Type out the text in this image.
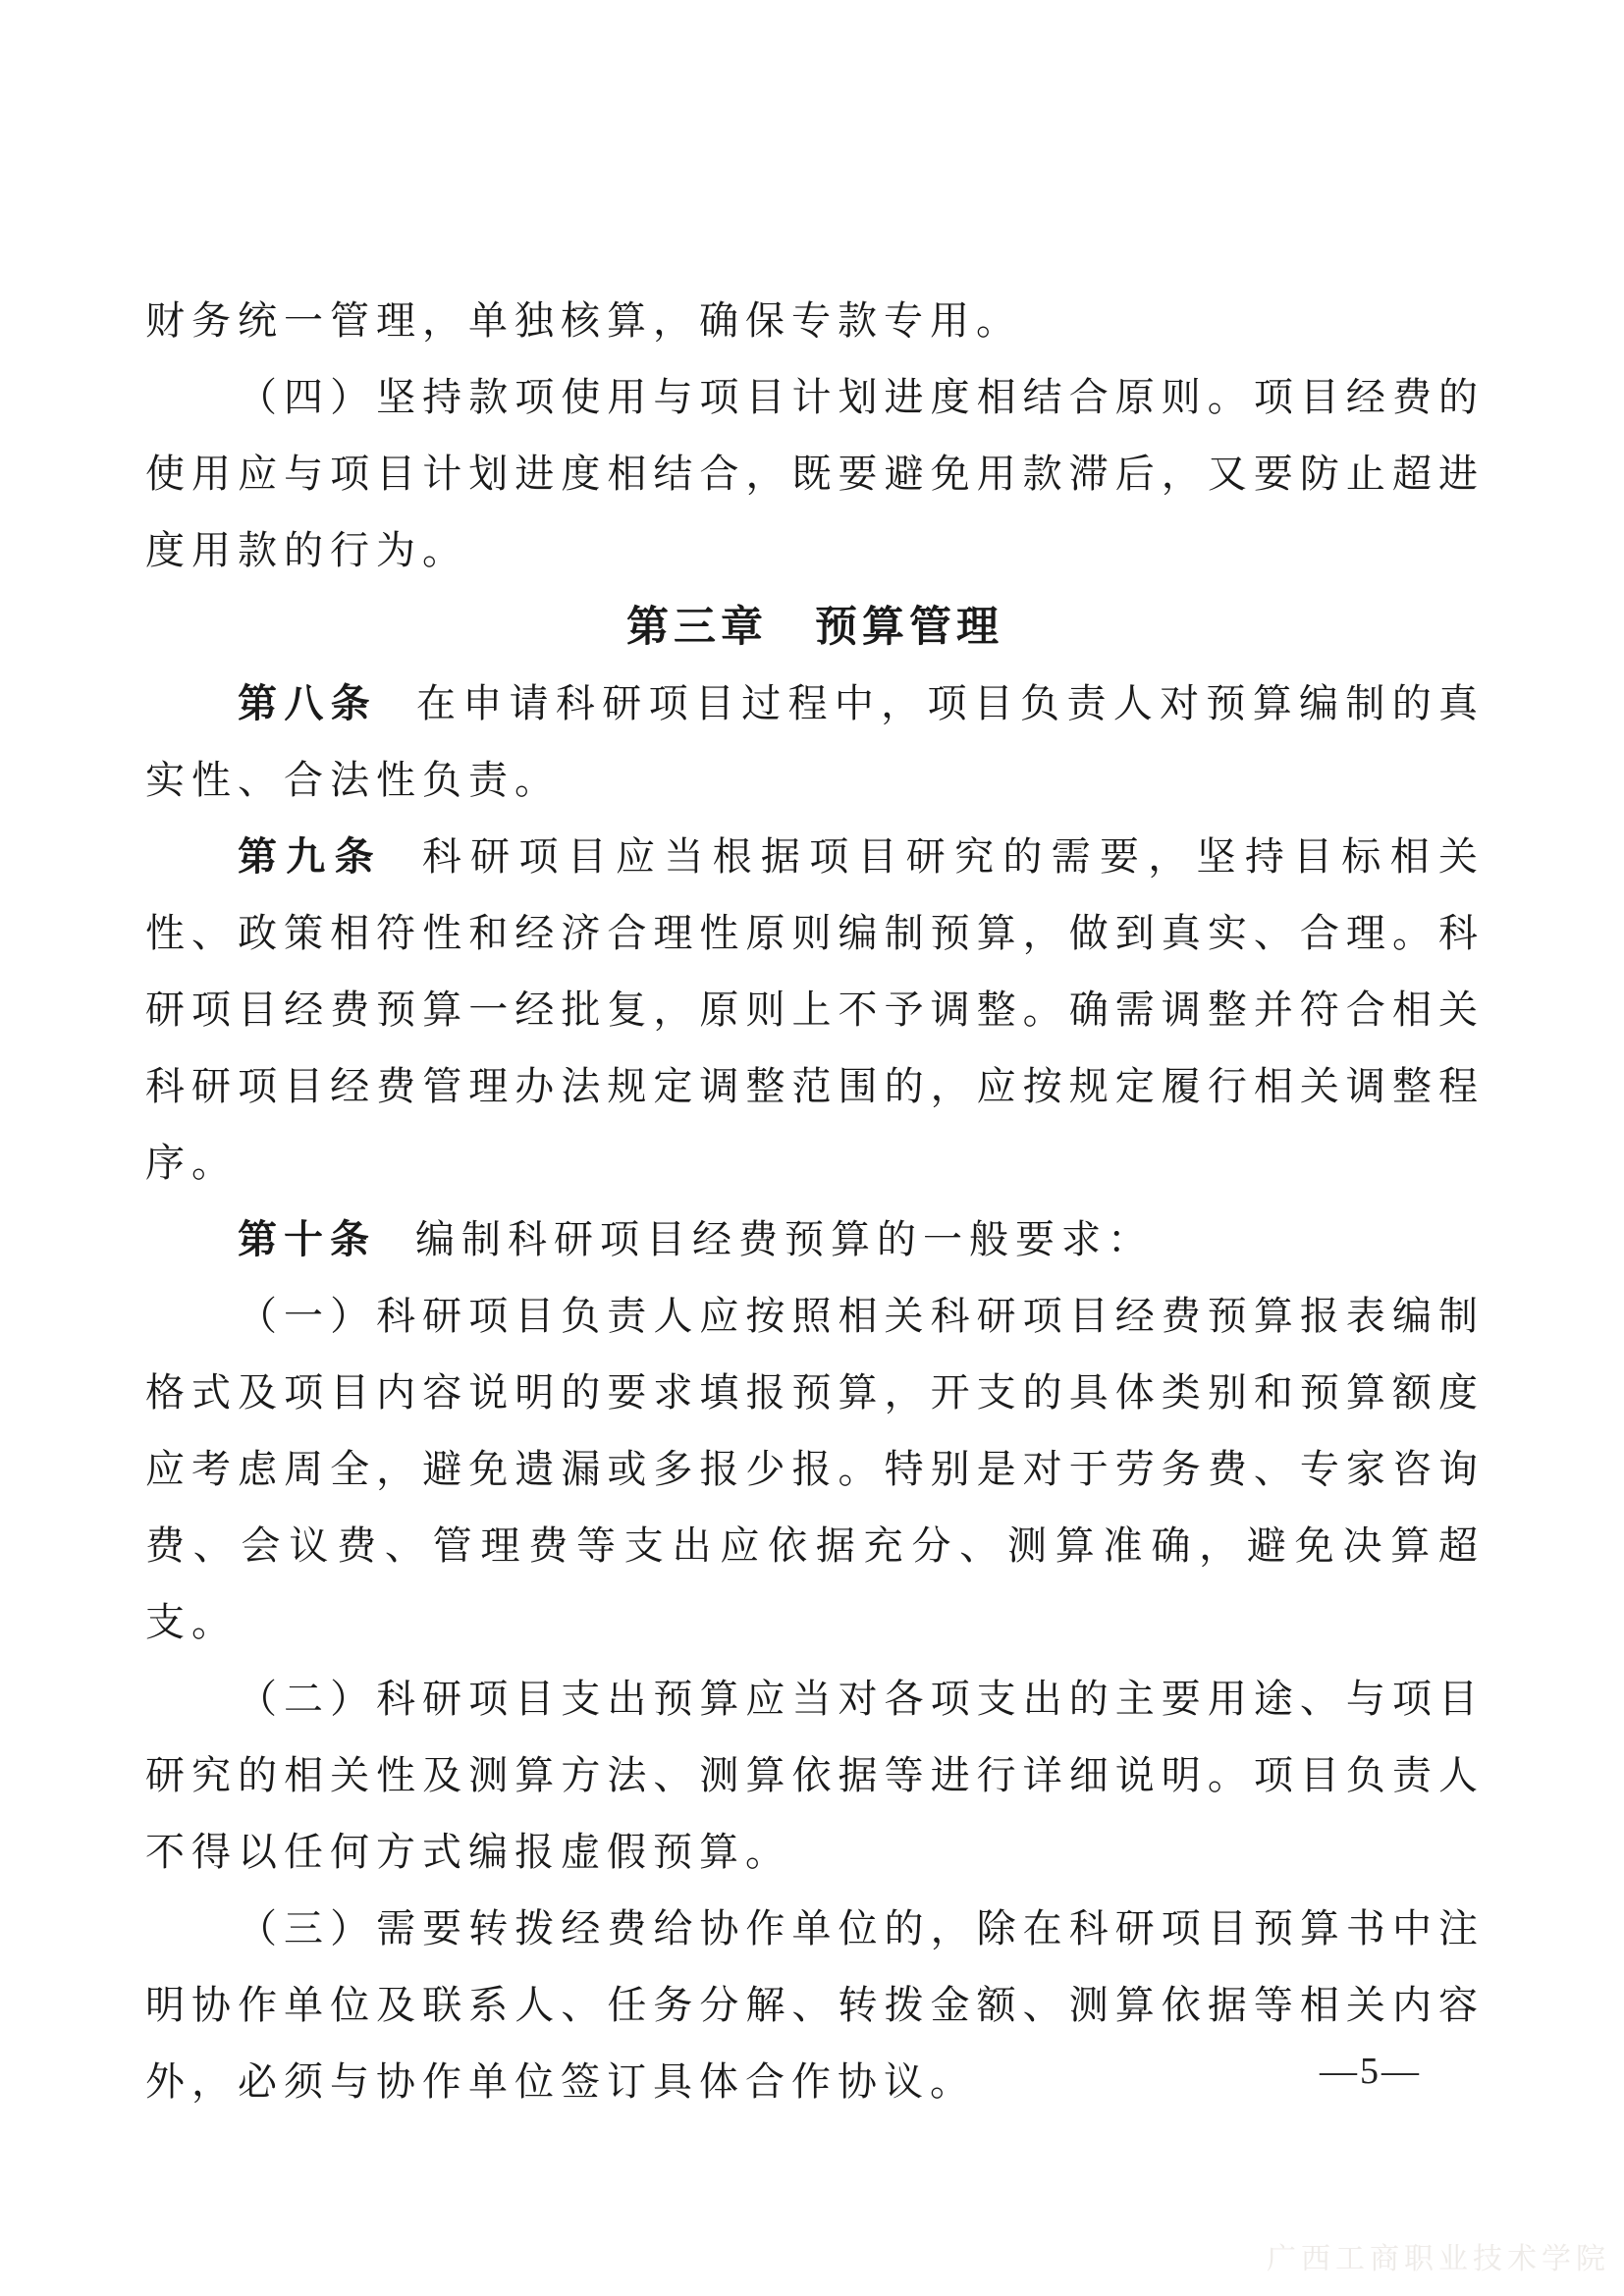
财务统一管理，单独核算，确保专款专用。

（四）坚持款项使用与项目计划进度相结合原则。项目经费的使用应与项目计划进度相结合，既要避免用款滞后，又要防止超进度用款的行为。

第三章　预算管理

第八条 在申请科研项目过程中，项目负责人对预算编制的真实性、合法性负责。

第九条 科研项目应当根据项目研究的需要，坚持目标相关性、政策相符性和经济合理性原则编制预算，做到真实、合理。科研项目经费预算一经批复，原则上不予调整。确需调整并符合相关科研项目经费管理办法规定调整范围的，应按规定履行相关调整程序。

第十条 编制科研项目经费预算的一般要求：

（一）科研项目负责人应按照相关科研项目经费预算报表编制格式及项目内容说明的要求填报预算，开支的具体类别和预算额度应考虑周全，避免遗漏或多报少报。特别是对于劳务费、专家咨询费、会议费、管理费等支出应依据充分、测算准确，避免决算超支。

（二）科研项目支出预算应当对各项支出的主要用途、与项目研究的相关性及测算方法、测算依据等进行详细说明。项目负责人不得以任何方式编报虚假预算。

（三）需要转拨经费给协作单位的，除在科研项目预算书中注明协作单位及联系人、任务分解、转拨金额、测算依据等相关内容外，必须与协作单位签订具体合作协议。	—5—
广西工商职业技术学院
